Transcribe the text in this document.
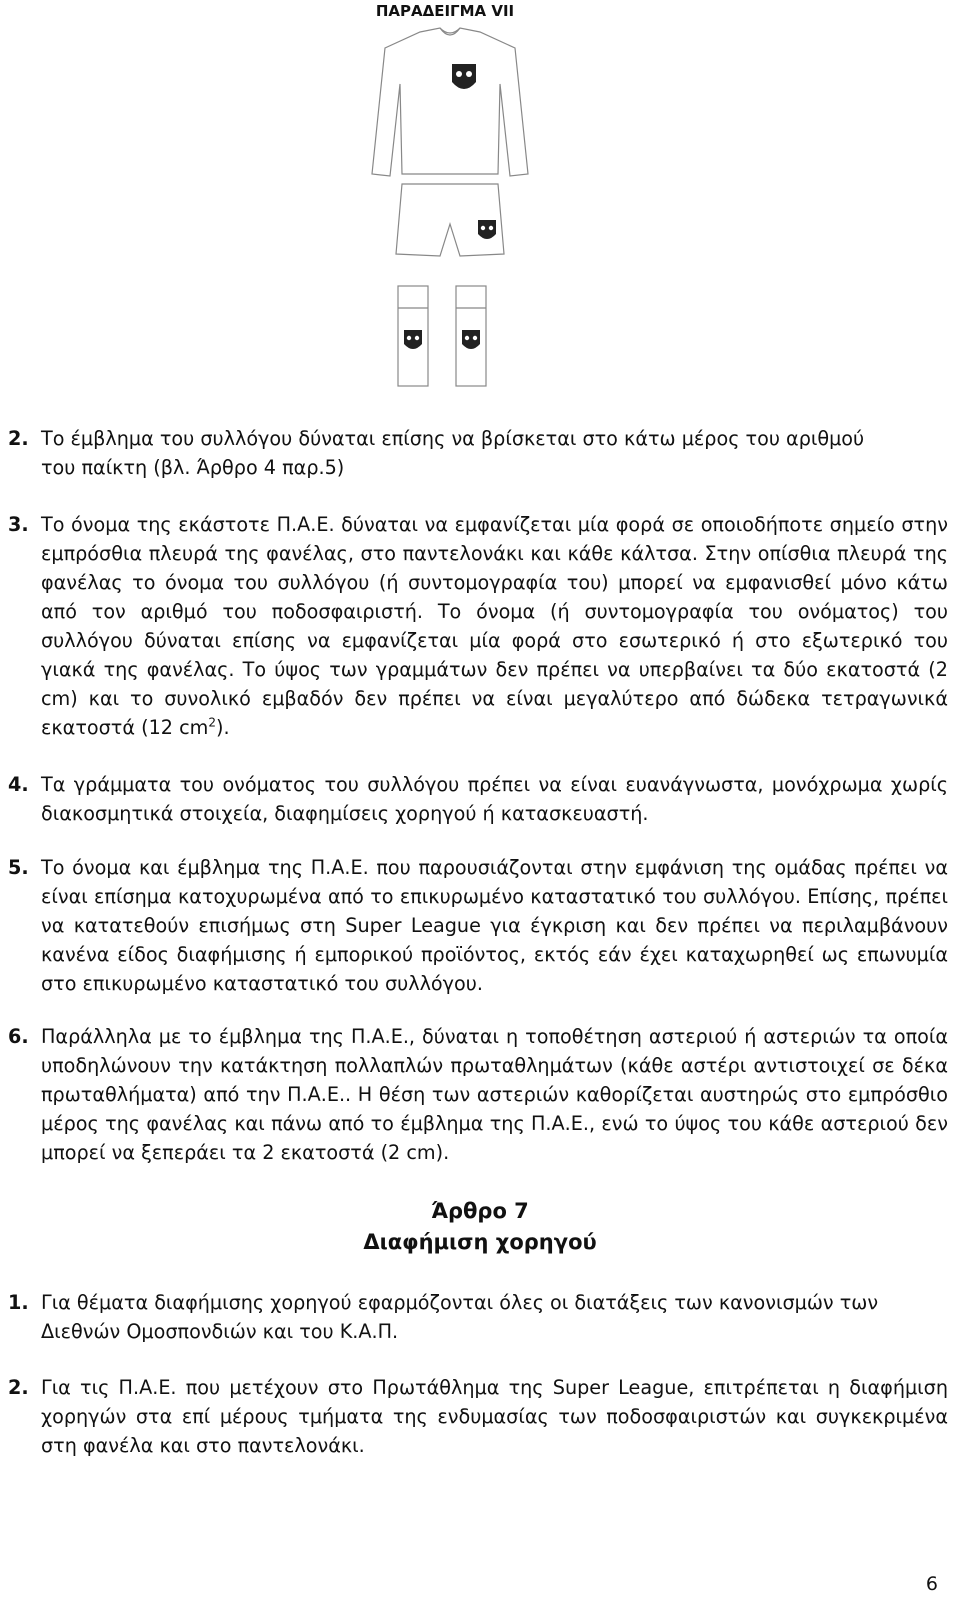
ΠΑΡΑΔΕΙΓΜΑ VII
2. Το έμβλημα του συλλόγου δύναται επίσης να βρίσκεται στο κάτω μέρος του αριθμού
του παίκτη (βλ. Άρθρο 4 παρ.5)
3. Το όνομα της εκάστοτε Π.Α.Ε. δύναται να εμφανίζεται μία φορά σε οποιοδήποτε σημείο στην εμπρόσθια πλευρά της φανέλας, στο παντελονάκι και κάθε κάλτσα. Στην οπίσθια πλευρά της φανέλας το όνομα του συλλόγου (ή συντομογραφία του) μπορεί να εμφανισθεί μόνο κάτω από τον αριθμό του ποδοσφαιριστή. Το όνομα (ή συντομογραφία του ονόματος) του συλλόγου δύναται επίσης να εμφανίζεται μία φορά στο εσωτερικό ή στο εξωτερικό του γιακά της φανέλας. Το ύψος των γραμμάτων δεν πρέπει να υπερβαίνει τα δύο εκατοστά (2 cm) και το συνολικό εμβαδόν δεν πρέπει να είναι μεγαλύτερο από δώδεκα τετραγωνικά εκατοστά (12 $cm^2$).
4. Τα γράμματα του ονόματος του συλλόγου πρέπει να είναι ευανάγνωστα, μονόχρωμα χωρίς διακοσμητικά στοιχεία, διαφημίσεις χορηγού ή κατασκευαστή.
5. Το όνομα και έμβλημα της Π.Α.Ε. που παρουσιάζονται στην εμφάνιση της ομάδας πρέπει να είναι επίσημα κατοχυρωμένα από το επικυρωμένο καταστατικό του συλλόγου. Επίσης, πρέπει να κατατεθούν επισήμως στη Super League για έγκριση και δεν πρέπει να περιλαμβάνουν κανένα είδος διαφήμισης ή εμπορικού προϊόντος, εκτός εάν έχει καταχωρηθεί ως επωνυμία στο επικυρωμένο καταστατικό του συλλόγου.
6. Παράλληλα με το έμβλημα της Π.Α.Ε., δύναται η τοποθέτηση αστεριού ή αστεριών τα οποία υποδηλώνουν την κατάκτηση πολλαπλών πρωταθλημάτων (κάθε αστέρι αντιστοιχεί σε δέκα πρωταθλήματα) από την Π.Α.Ε.. Η θέση των αστεριών καθορίζεται αυστηρώς στο εμπρόσθιο μέρος της φανέλας και πάνω από το έμβλημα της Π.Α.Ε., ενώ το ύψος του κάθε αστεριού δεν μπορεί να ξεπεράει τα 2 εκατοστά (2 cm).
Άρθρο 7
Διαφήμιση χορηγού
1. Για θέματα διαφήμισης χορηγού εφαρμόζονται όλες οι διατάξεις των κανονισμών των
Διεθνών Ομοσπονδιών και του Κ.Α.Π.
2. Για τις Π.Α.Ε. που μετέχουν στο Πρωτάθλημα της Super League, επιτρέπεται η διαφήμιση χορηγών στα επί μέρους τμήματα της ενδυμασίας των ποδοσφαιριστών και συγκεκριμένα στη φανέλα και στο παντελονάκι.
6
